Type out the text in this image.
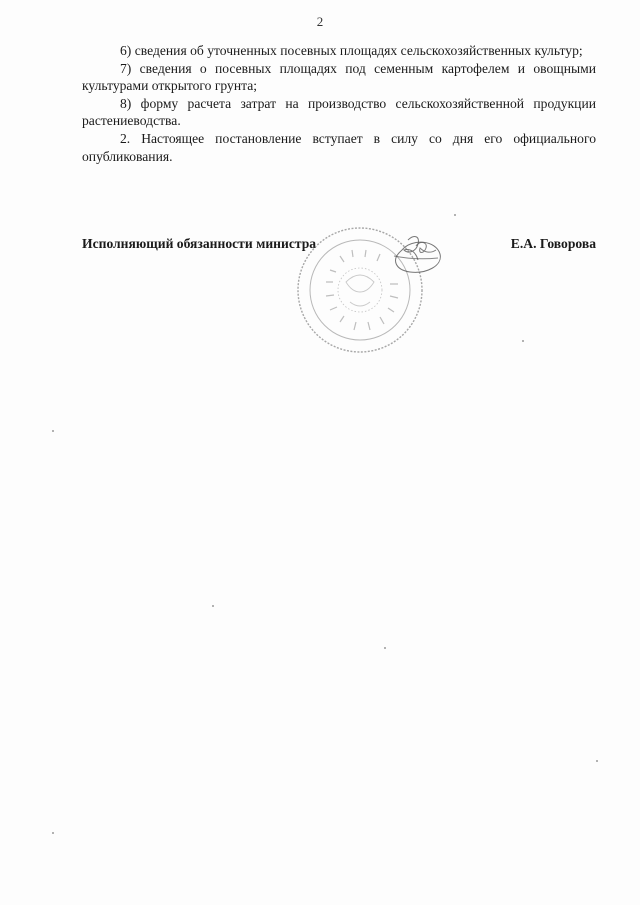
2

6) сведения об уточненных посевных площадях сельскохозяйственных культур;

7) сведения о посевных площадях под семенным картофелем и овощными культурами открытого грунта;

8) форму расчета затрат на производство сельскохозяйственной продукции растениеводства.

2. Настоящее постановление вступает в силу со дня его официального опубликования.

Исполняющий обязанности министра	Е.А. Говорова
